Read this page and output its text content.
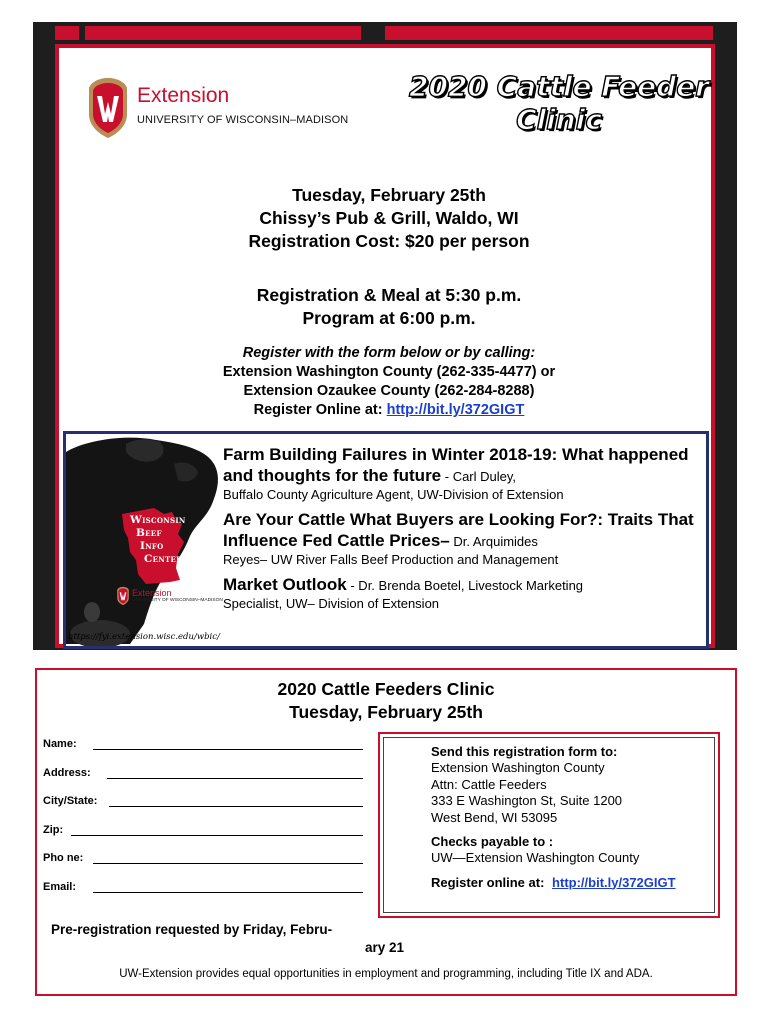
Extension
UNIVERSITY OF WISCONSIN–MADISON
2020 Cattle Feeder
Clinic
Tuesday, February 25th
Chissy’s Pub & Grill, Waldo, WI
Registration Cost: $20 per person
Registration & Meal at 5:30 p.m.
Program at 6:00 p.m.
Register with the form below or by calling:
Extension Washington County (262-335-4477) or
Extension Ozaukee County (262-284-8288)
Register Online at: http://bit.ly/372GIGT
Wisconsin
Beef
Info
Center
Extension
UNIVERSITY OF WISCONSIN–MADISON
https://fyi.extension.wisc.edu/wbic/
Farm Building Failures in Winter 2018-19: What happened and thoughts for the future - Carl Duley,
Buffalo County Agriculture Agent, UW-Division of Extension
Are Your Cattle What Buyers are Looking For?: Traits That Influence Fed Cattle Prices– Dr. Arquimides
Reyes– UW River Falls Beef Production and Management
Market Outlook - Dr. Brenda Boetel, Livestock Marketing
Specialist, UW– Division of Extension
2020 Cattle Feeders Clinic
Tuesday, February 25th
Name:
Address:
City/State:
Zip:
Pho ne:
Email:
Send this registration form to:
Extension Washington County
Attn: Cattle Feeders
333 E Washington St, Suite 1200
West Bend, WI 53095
Checks payable to :
UW—Extension Washington County
Register online at: http://bit.ly/372GIGT
Pre-registration requested by Friday, Febru-
ary 21
UW-Extension provides equal opportunities in employment and programming, including Title IX and ADA.
